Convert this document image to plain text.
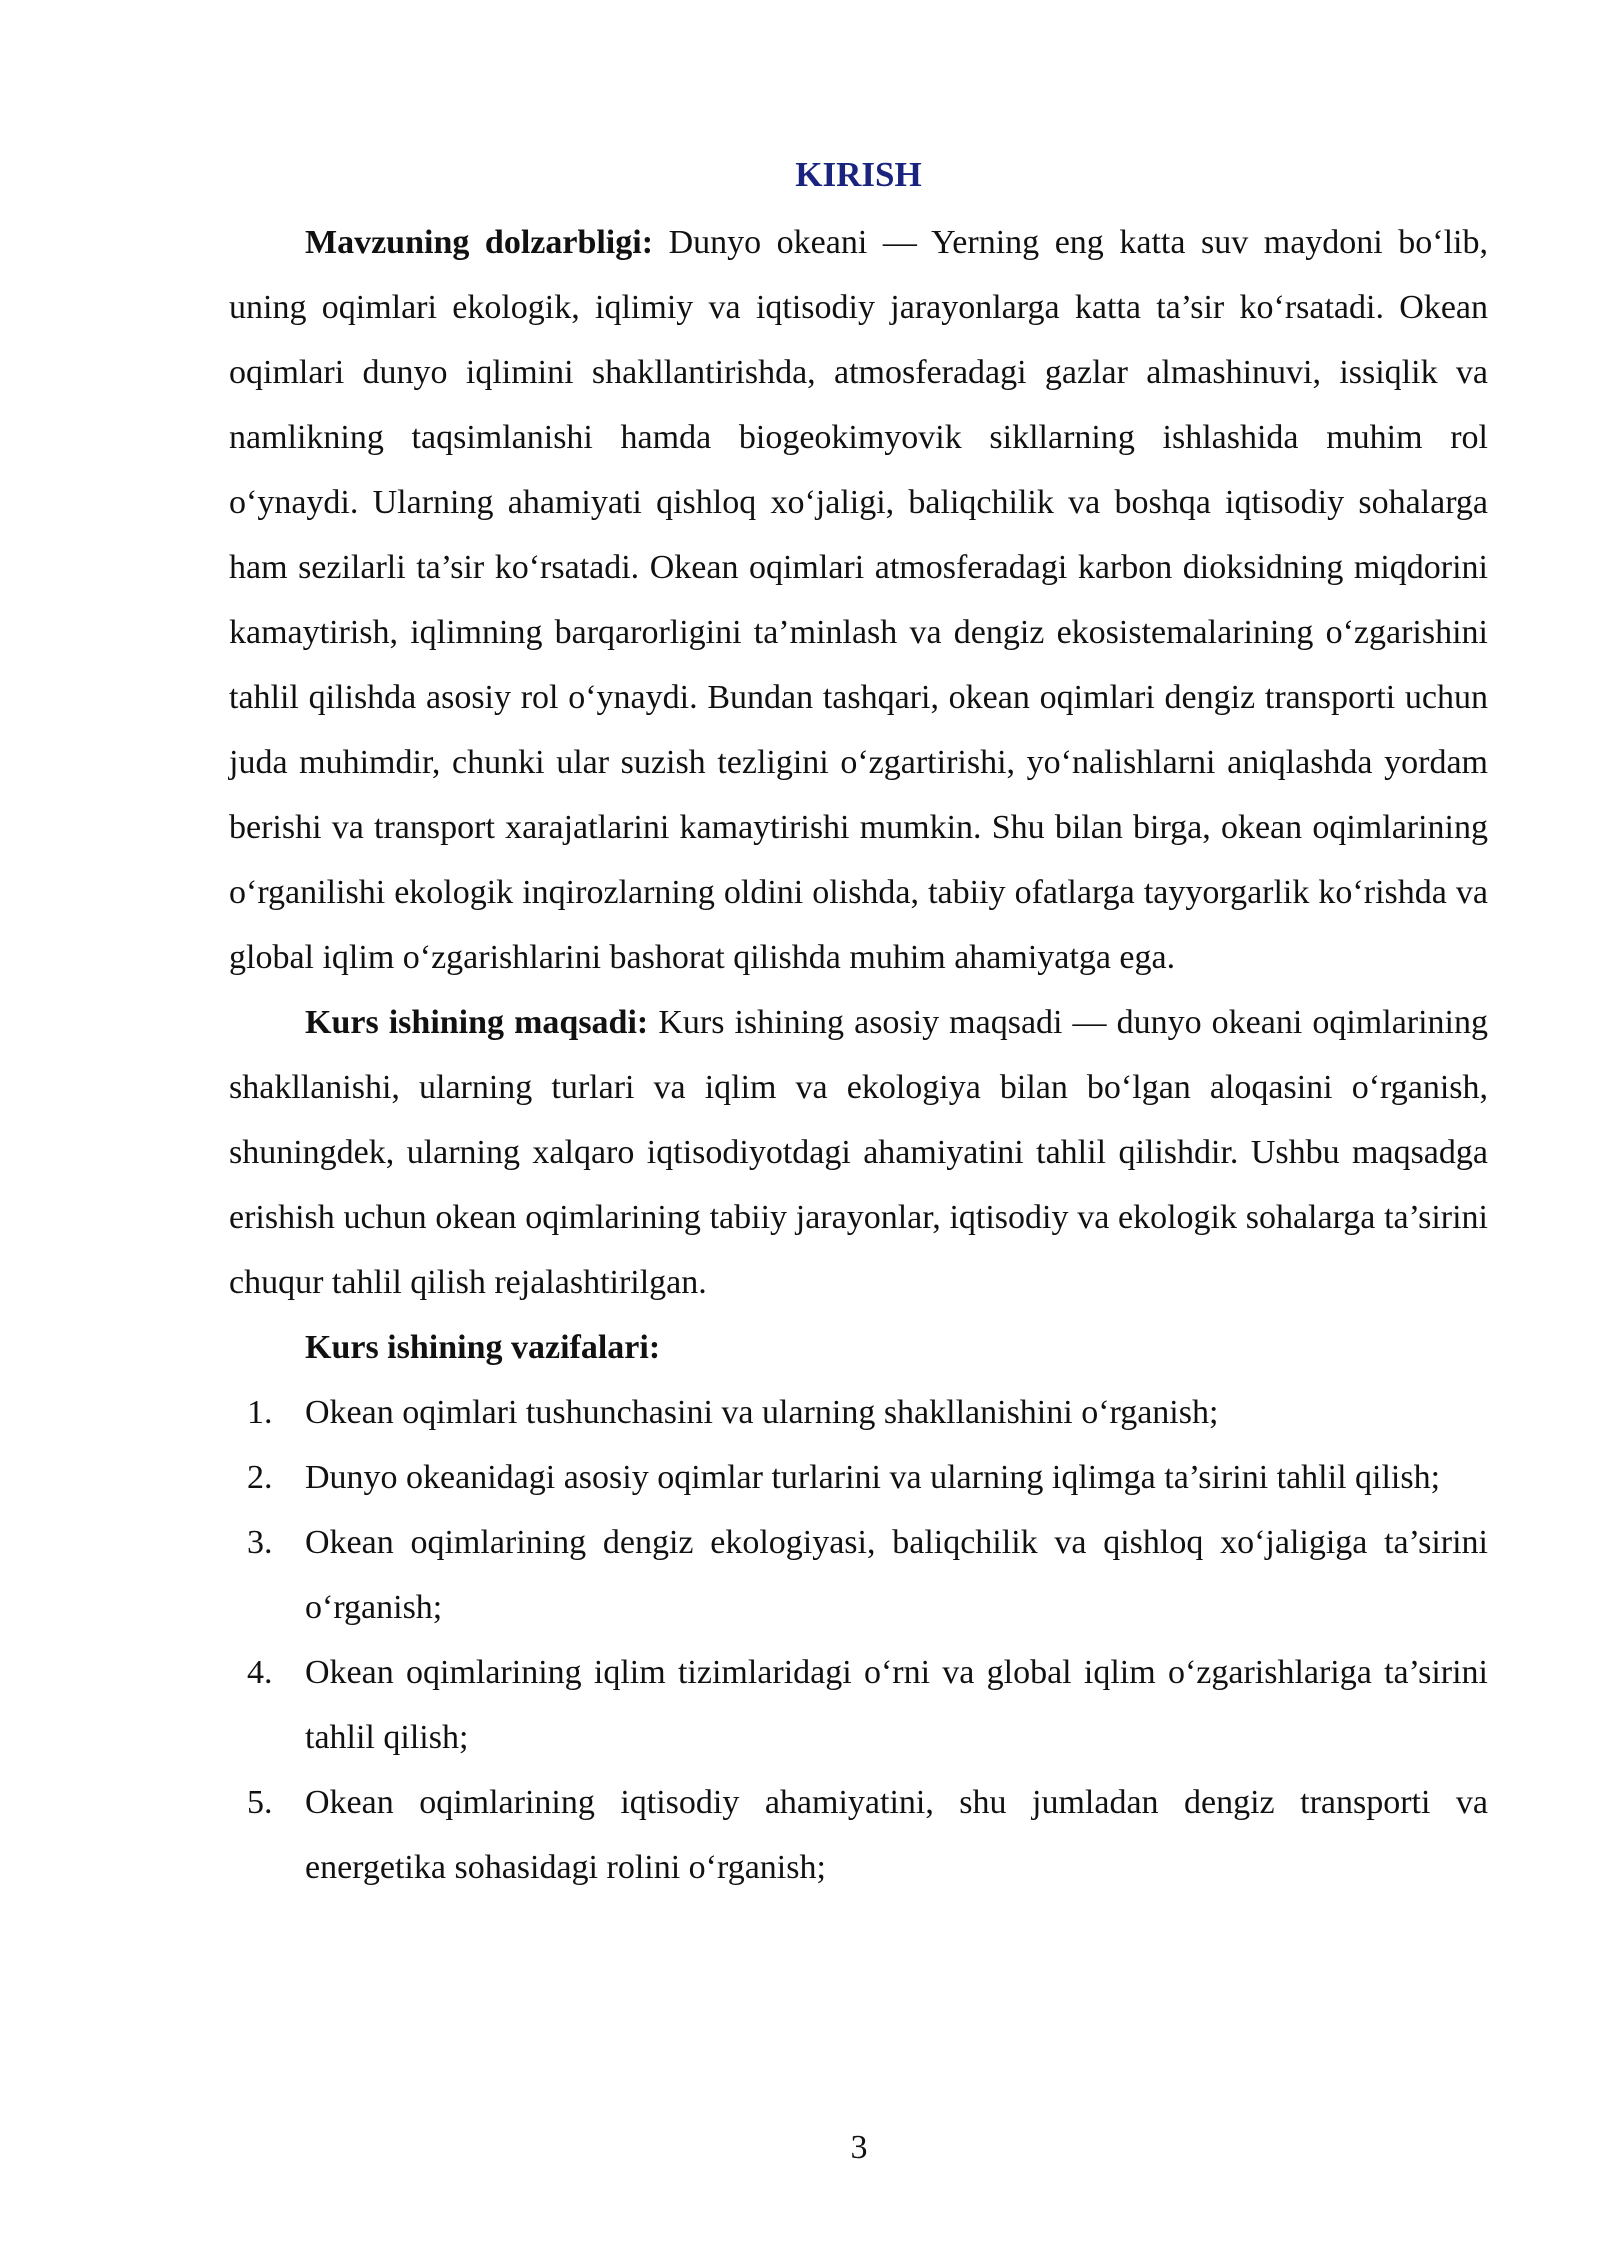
KIRISH

Mavzuning dolzarbligi: Dunyo okeani — Yerning eng katta suv maydoni bo‘lib, uning oqimlari ekologik, iqlimiy va iqtisodiy jarayonlarga katta ta’sir ko‘rsatadi. Okean oqimlari dunyo iqlimini shakllantirishda, atmosferadagi gazlar almashinuvi, issiqlik va namlikning taqsimlanishi hamda biogeokimyovik sikllarning ishlashida muhim rol o‘ynaydi. Ularning ahamiyati qishloq xo‘jaligi, baliqchilik va boshqa iqtisodiy sohalarga ham sezilarli ta’sir ko‘rsatadi. Okean oqimlari atmosferadagi karbon dioksidning miqdorini kamaytirish, iqlimning barqarorligini ta’minlash va dengiz ekosistemalarining o‘zgarishini tahlil qilishda asosiy rol o‘ynaydi. Bundan tashqari, okean oqimlari dengiz transporti uchun juda muhimdir, chunki ular suzish tezligini o‘zgartirishi, yo‘nalishlarni aniqlashda yordam berishi va transport xarajatlarini kamaytirishi mumkin. Shu bilan birga, okean oqimlarining o‘rganilishi ekologik inqirozlarning oldini olishda, tabiiy ofatlarga tayyorgarlik ko‘rishda va global iqlim o‘zgarishlarini bashorat qilishda muhim ahamiyatga ega.

Kurs ishining maqsadi: Kurs ishining asosiy maqsadi — dunyo okeani oqimlarining shakllanishi, ularning turlari va iqlim va ekologiya bilan bo‘lgan aloqasini o‘rganish, shuningdek, ularning xalqaro iqtisodiyotdagi ahamiyatini tahlil qilishdir. Ushbu maqsadga erishish uchun okean oqimlarining tabiiy jarayonlar, iqtisodiy va ekologik sohalarga ta’sirini chuqur tahlil qilish rejalashtirilgan.

Kurs ishining vazifalari:

1. Okean oqimlari tushunchasini va ularning shakllanishini o‘rganish;
2. Dunyo okeanidagi asosiy oqimlar turlarini va ularning iqlimga ta’sirini tahlil qilish;
3. Okean oqimlarining dengiz ekologiyasi, baliqchilik va qishloq xo‘jaligiga ta’sirini o‘rganish;
4. Okean oqimlarining iqlim tizimlaridagi o‘rni va global iqlim o‘zgarishlariga ta’sirini tahlil qilish;
5. Okean oqimlarining iqtisodiy ahamiyatini, shu jumladan dengiz transporti va energetika sohasidagi rolini o‘rganish;
3
